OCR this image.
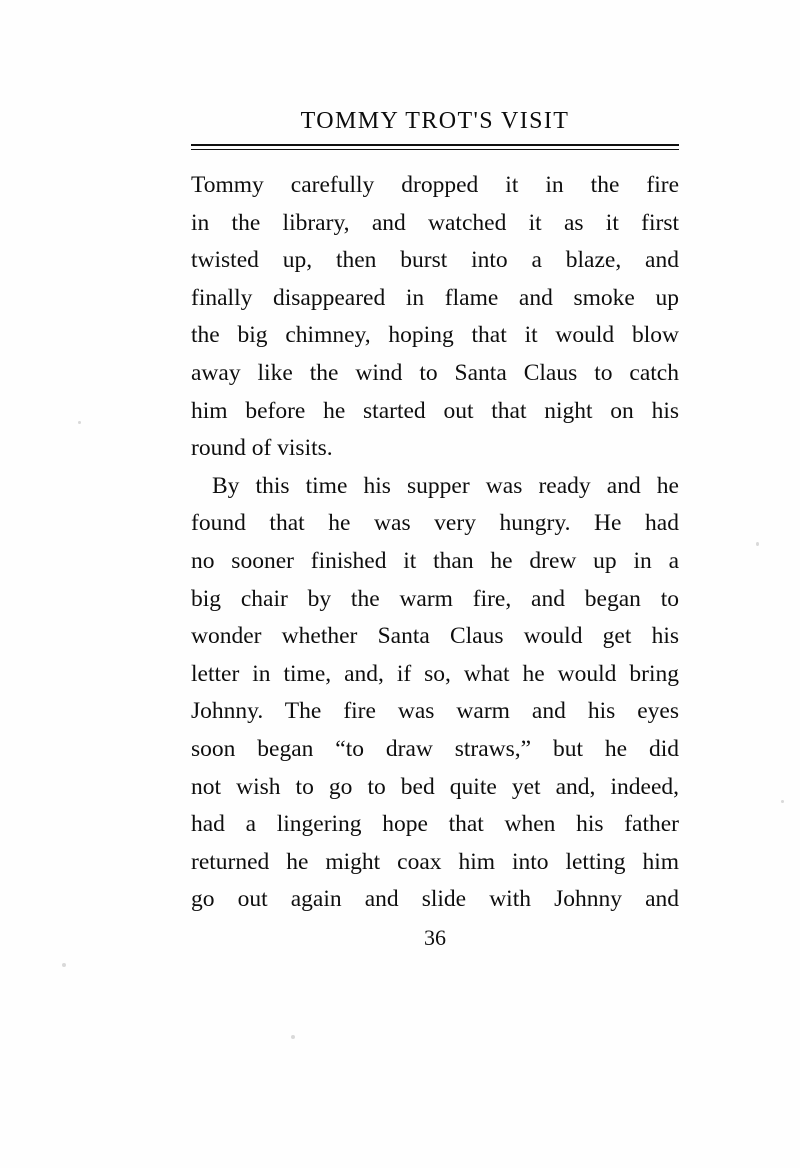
TOMMY TROT'S VISIT
Tommy carefully dropped it in the fire
in the library, and watched it as it first
twisted up, then burst into a blaze, and
finally disappeared in flame and smoke up
the big chimney, hoping that it would blow
away like the wind to Santa Claus to catch
him before he started out that night on his
round of visits.
By this time his supper was ready and he
found that he was very hungry. He had
no sooner finished it than he drew up in a
big chair by the warm fire, and began to
wonder whether Santa Claus would get his
letter in time, and, if so, what he would bring
Johnny. The fire was warm and his eyes
soon began “to draw straws,” but he did
not wish to go to bed quite yet and, indeed,
had a lingering hope that when his father
returned he might coax him into letting him
go out again and slide with Johnny and
36
